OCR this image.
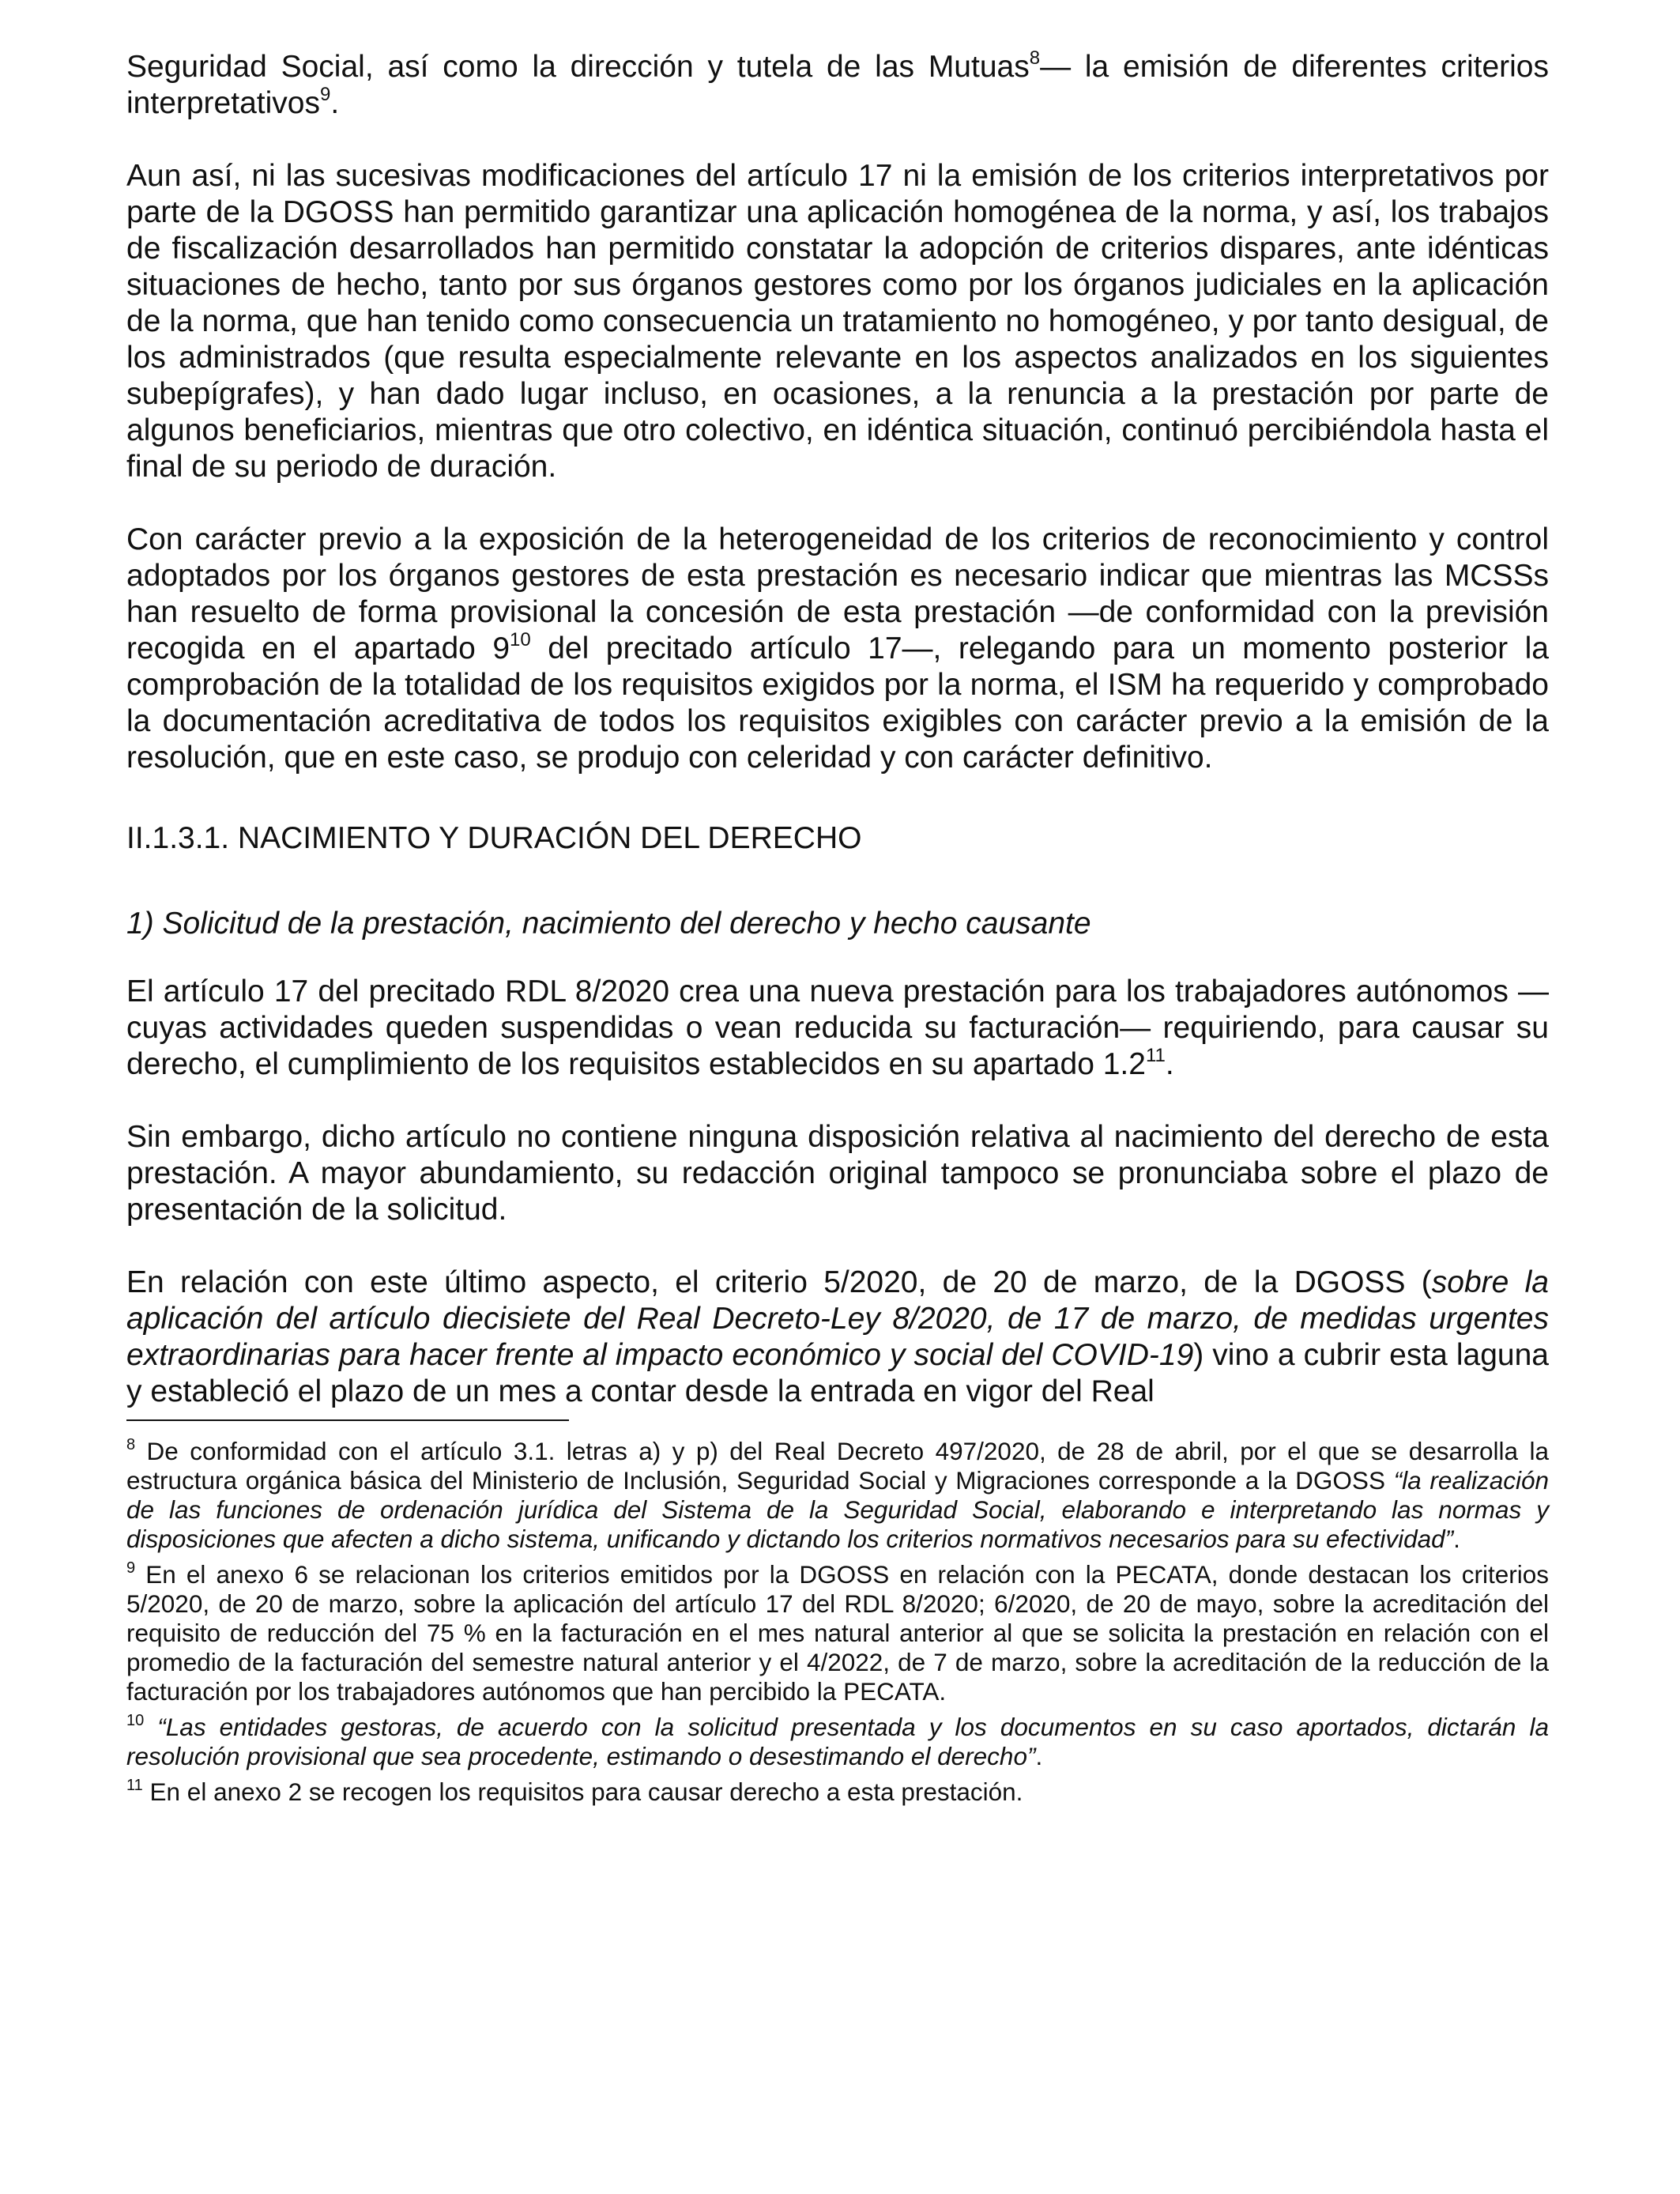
Seguridad Social, así como la dirección y tutela de las Mutuas$^8$— la emisión de diferentes criterios interpretativos$^9$.

Aun así, ni las sucesivas modificaciones del artículo 17 ni la emisión de los criterios interpretativos por parte de la DGOSS han permitido garantizar una aplicación homogénea de la norma, y así, los trabajos de fiscalización desarrollados han permitido constatar la adopción de criterios dispares, ante idénticas situaciones de hecho, tanto por sus órganos gestores como por los órganos judiciales en la aplicación de la norma, que han tenido como consecuencia un tratamiento no homogéneo, y por tanto desigual, de los administrados (que resulta especialmente relevante en los aspectos analizados en los siguientes subepígrafes), y han dado lugar incluso, en ocasiones, a la renuncia a la prestación por parte de algunos beneficiarios, mientras que otro colectivo, en idéntica situación, continuó percibiéndola hasta el final de su periodo de duración.

Con carácter previo a la exposición de la heterogeneidad de los criterios de reconocimiento y control adoptados por los órganos gestores de esta prestación es necesario indicar que mientras las MCSSs han resuelto de forma provisional la concesión de esta prestación —de conformidad con la previsión recogida en el apartado $9^{10}$ del precitado artículo 17—, relegando para un momento posterior la comprobación de la totalidad de los requisitos exigidos por la norma, el ISM ha requerido y comprobado la documentación acreditativa de todos los requisitos exigibles con carácter previo a la emisión de la resolución, que en este caso, se produjo con celeridad y con carácter definitivo.

II.1.3.1. NACIMIENTO Y DURACIÓN DEL DERECHO
1) Solicitud de la prestación, nacimiento del derecho y hecho causante

El artículo 17 del precitado RDL 8/2020 crea una nueva prestación para los trabajadores autónomos —cuyas actividades queden suspendidas o vean reducida su facturación— requiriendo, para causar su derecho, el cumplimiento de los requisitos establecidos en su apartado $1.2^{11}$.

Sin embargo, dicho artículo no contiene ninguna disposición relativa al nacimiento del derecho de esta prestación. A mayor abundamiento, su redacción original tampoco se pronunciaba sobre el plazo de presentación de la solicitud.

En relación con este último aspecto, el criterio 5/2020, de 20 de marzo, de la DGOSS (sobre la aplicación del artículo diecisiete del Real Decreto-Ley 8/2020, de 17 de marzo, de medidas urgentes extraordinarias para hacer frente al impacto económico y social del COVID-19) vino a cubrir esta laguna y estableció el plazo de un mes a contar desde la entrada en vigor del Real

$^8$ De conformidad con el artículo 3.1. letras a) y p) del Real Decreto 497/2020, de 28 de abril, por el que se desarrolla la estructura orgánica básica del Ministerio de Inclusión, Seguridad Social y Migraciones corresponde a la DGOSS “la realización de las funciones de ordenación jurídica del Sistema de la Seguridad Social, elaborando e interpretando las normas y disposiciones que afecten a dicho sistema, unificando y dictando los criterios normativos necesarios para su efectividad”.
$^9$ En el anexo 6 se relacionan los criterios emitidos por la DGOSS en relación con la PECATA, donde destacan los criterios 5/2020, de 20 de marzo, sobre la aplicación del artículo 17 del RDL 8/2020; 6/2020, de 20 de mayo, sobre la acreditación del requisito de reducción del 75 % en la facturación en el mes natural anterior al que se solicita la prestación en relación con el promedio de la facturación del semestre natural anterior y el 4/2022, de 7 de marzo, sobre la acreditación de la reducción de la facturación por los trabajadores autónomos que han percibido la PECATA.
$^{10}$ “Las entidades gestoras, de acuerdo con la solicitud presentada y los documentos en su caso aportados, dictarán la resolución provisional que sea procedente, estimando o desestimando el derecho”.
$^{11}$ En el anexo 2 se recogen los requisitos para causar derecho a esta prestación.
